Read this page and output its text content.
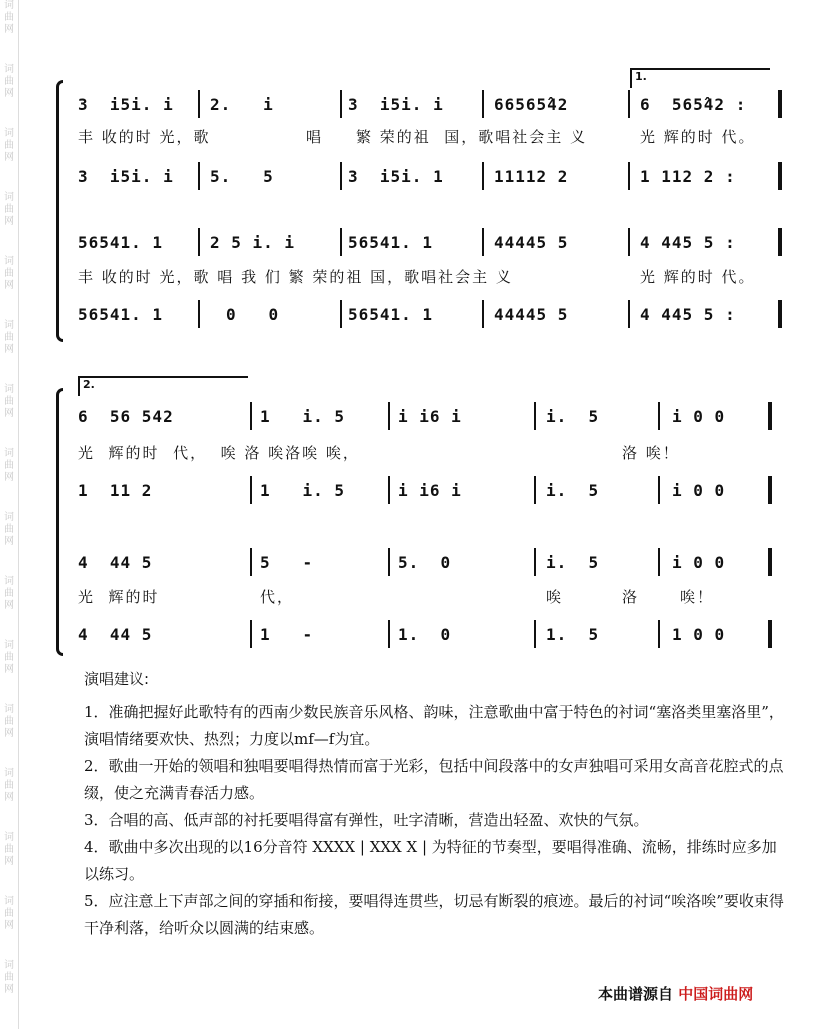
词曲网
词曲网
词曲网
词曲网
词曲网
词曲网
词曲网
词曲网
词曲网
词曲网
词曲网
词曲网
词曲网
词曲网
词曲网
词曲网
1.
3  i5i. i 2.   i	3  i5i. i	66565̂42	6  565̂42 :
丰 收的时 光，歌	唱 繁 荣的祖  国，歌唱社会主 义	光 辉的时 代。
3  i5i. i 5.   5	3  i5i. 1	11112 2	1 112 2 :
56541. 1	2 5 i. i	56541. 1	44445 5	4 445 5 :
丰 收的时 光，歌 唱 我 们 繁 荣的祖 国，歌唱社会主 义	光 辉的时 代。
56541. 1	0   0	56541. 1	44445 5	4 445 5 :
2.
6  56 542	1   i. 5	i i6 i	i.  5	i 0 0
光  辉的时  代，  唉 洛 唉洛唉 唉，	洛 唉！
1  11 2	1   i. 5	i i6 i	i.  5	i 0 0
4  44 5	5   -	5.  0	i.  5	i 0 0
光  辉的时	代，	唉	洛	唉！
4  44 5	1   -	1.  0	1.  5	1 0 0

演唱建议:

1．准确把握好此歌特有的西南少数民族音乐风格、韵味，注意歌曲中富于特色的衬词“塞洛类里塞洛里”，演唱情绪要欢快、热烈；力度以mf—f为宜。

2．歌曲一开始的领唱和独唱要唱得热情而富于光彩，包括中间段落中的女声独唱可采用女高音花腔式的点缀，使之充满青春活力感。

3．合唱的高、低声部的衬托要唱得富有弹性，吐字清晰，营造出轻盈、欢快的气氛。

4．歌曲中多次出现的以16分音符 XXXX | XXX X | 为特征的节奏型，要唱得准确、流畅，排练时应多加以练习。

5．应注意上下声部之间的穿插和衔接，要唱得连贯些，切忌有断裂的痕迹。最后的衬词“唉洛唉”要收束得干净利落，给听众以圆满的结束感。

本曲谱源自 中国词曲网
